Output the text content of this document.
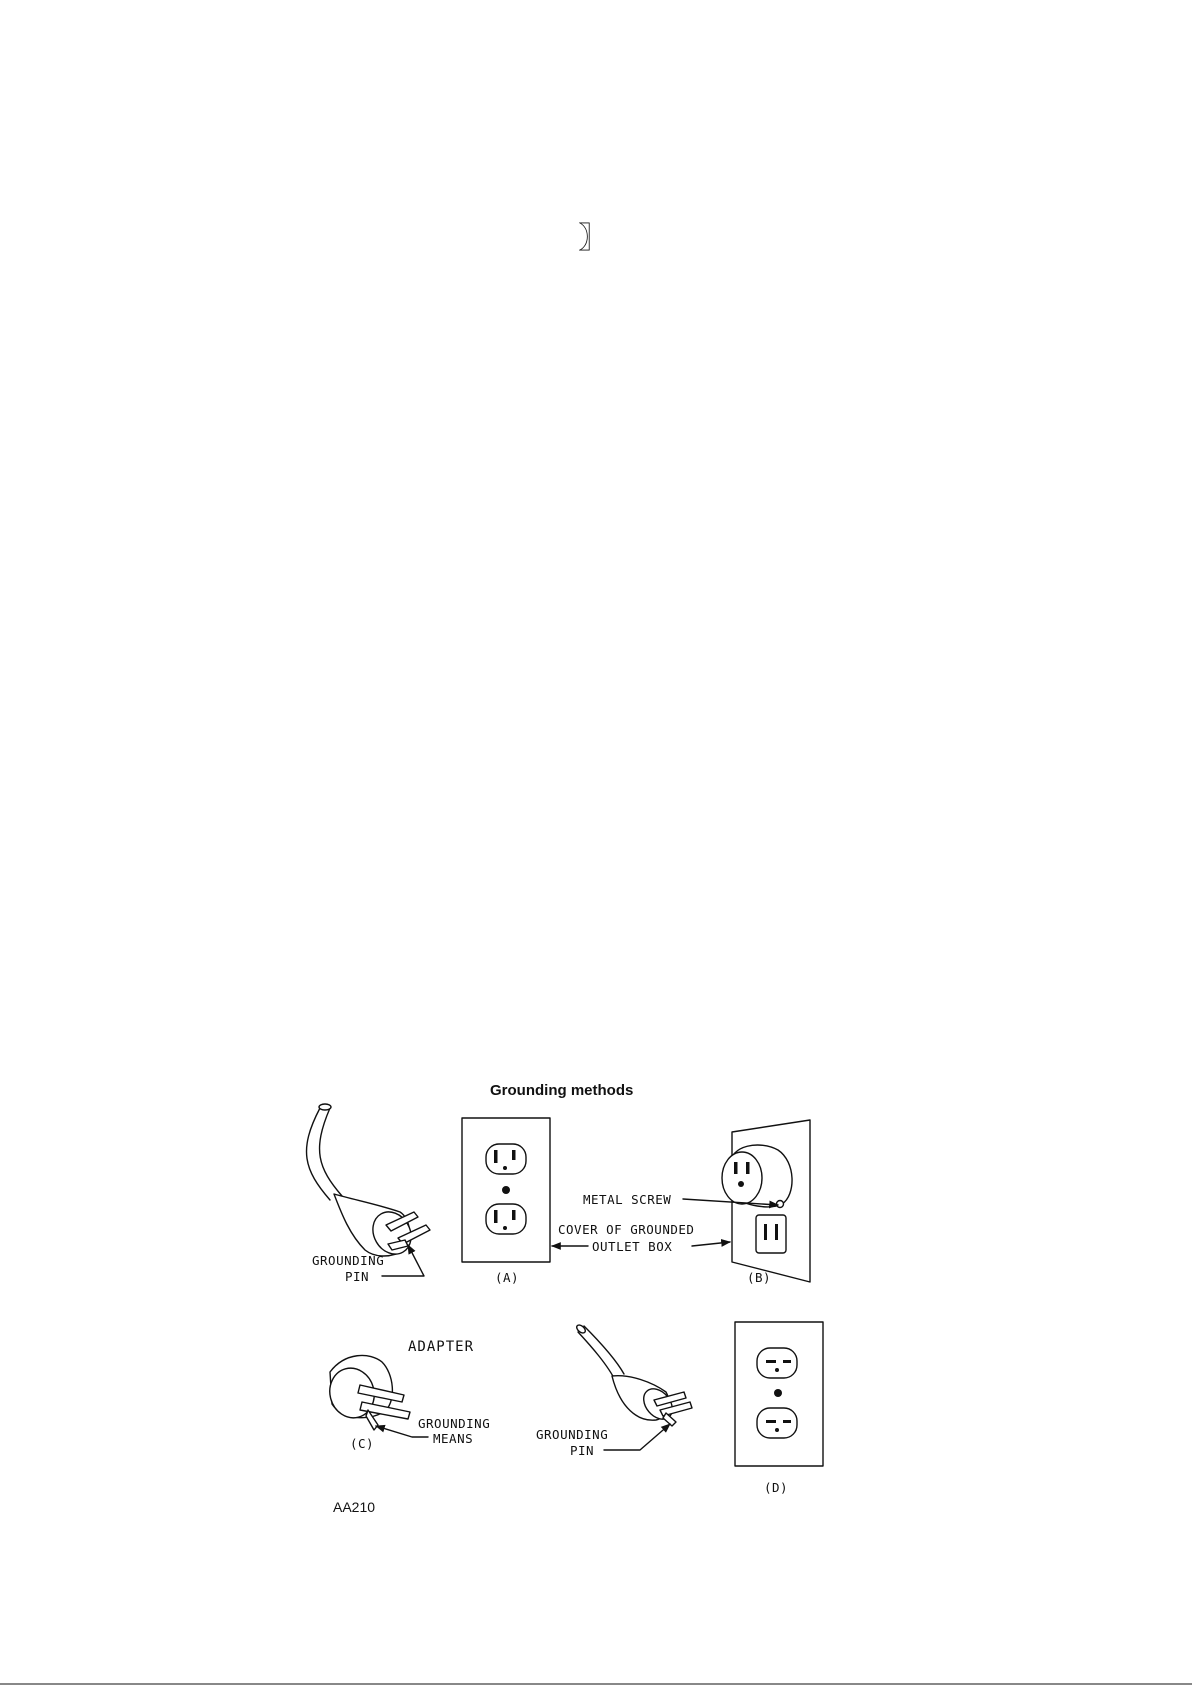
〗
Grounding methods
GROUNDING
PIN	(A)
METAL SCREW
COVER OF GROUNDED
OUTLET BOX
(B)
ADAPTER
GROUNDING
MEANS
(C)
GROUNDING
PIN
(D)
AA210
